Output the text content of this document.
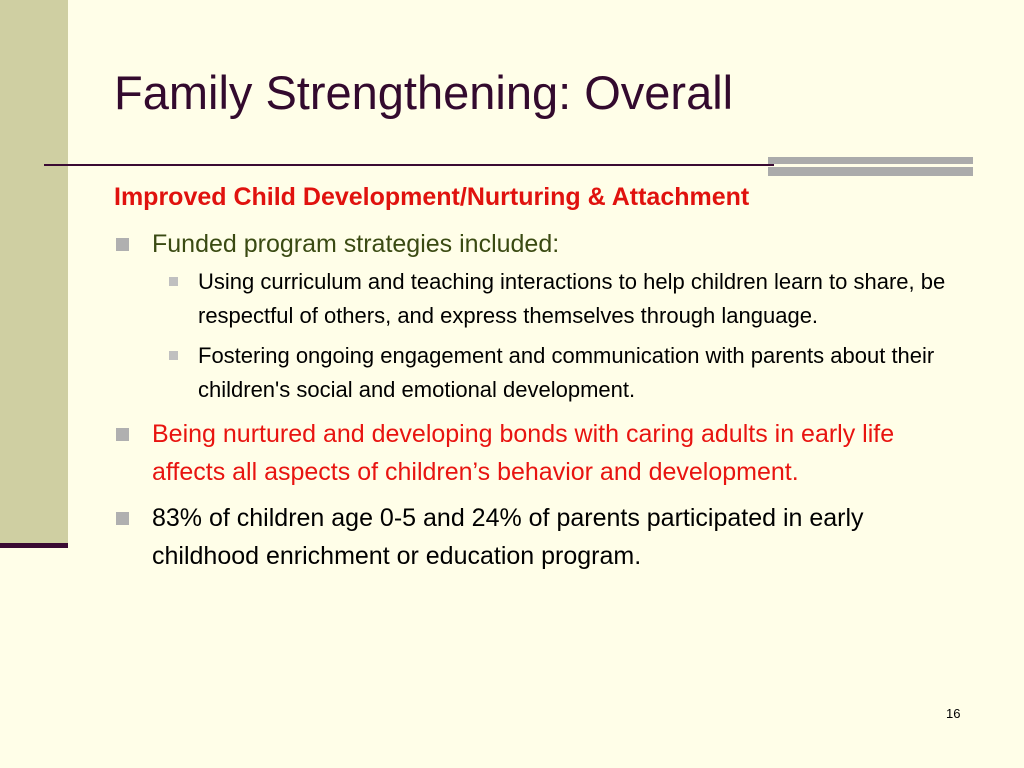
Family Strengthening: Overall
Improved Child Development/Nurturing & Attachment
Funded program strategies included:
Using curriculum and teaching interactions to help children learn to share, be respectful of others, and express themselves through language.
Fostering ongoing engagement and communication with parents about their children's social and emotional development.
Being nurtured and developing bonds with caring adults in early life affects all aspects of children’s behavior and development.
83% of children age 0-5 and 24% of parents participated in early childhood enrichment or education program.
16
